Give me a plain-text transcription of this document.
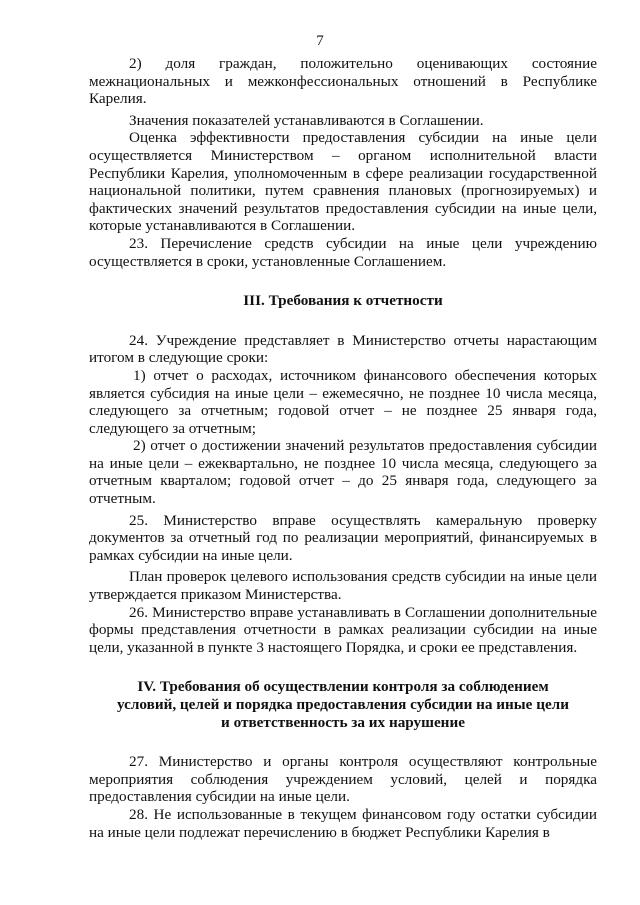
7

2) доля граждан, положительно оценивающих состояние межнациональных и межконфессиональных отношений в Республике Карелия.

Значения показателей устанавливаются в Соглашении.

Оценка эффективности предоставления субсидии на иные цели осуществляется Министерством – органом исполнительной власти Республики Карелия, уполномоченным в сфере реализации государственной национальной политики, путем сравнения плановых (прогнозируемых) и фактических значений результатов предоставления субсидии на иные цели, которые устанавливаются в Соглашении.

23. Перечисление средств субсидии на иные цели учреждению осуществляется в сроки, установленные Соглашением.

III. Требования к отчетности

24. Учреждение представляет в Министерство отчеты нарастающим итогом в следующие сроки:

1) отчет о расходах, источником финансового обеспечения которых является субсидия на иные цели – ежемесячно, не позднее 10 числа месяца, следующего за отчетным; годовой отчет – не позднее 25 января года, следующего за отчетным;

2) отчет о достижении значений результатов предоставления субсидии на иные цели – ежеквартально, не позднее 10 числа месяца, следующего за отчетным кварталом; годовой отчет – до 25 января года, следующего за отчетным.

25. Министерство вправе осуществлять камеральную проверку документов за отчетный год по реализации мероприятий, финансируемых в рамках субсидии на иные цели.

План проверок целевого использования средств субсидии на иные цели утверждается приказом Министерства.

26. Министерство вправе устанавливать в Соглашении дополнительные формы представления отчетности в рамках реализации субсидии на иные цели, указанной в пункте 3 настоящего Порядка, и сроки ее представления.

IV. Требования об осуществлении контроля за соблюдением
условий, целей и порядка предоставления субсидии на иные цели
и ответственность за их нарушение

27. Министерство и органы контроля осуществляют контрольные мероприятия соблюдения учреждением условий, целей и порядка предоставления субсидии на иные цели.

28. Не использованные в текущем финансовом году остатки субсидии на иные цели подлежат перечислению в бюджет Республики Карелия в
